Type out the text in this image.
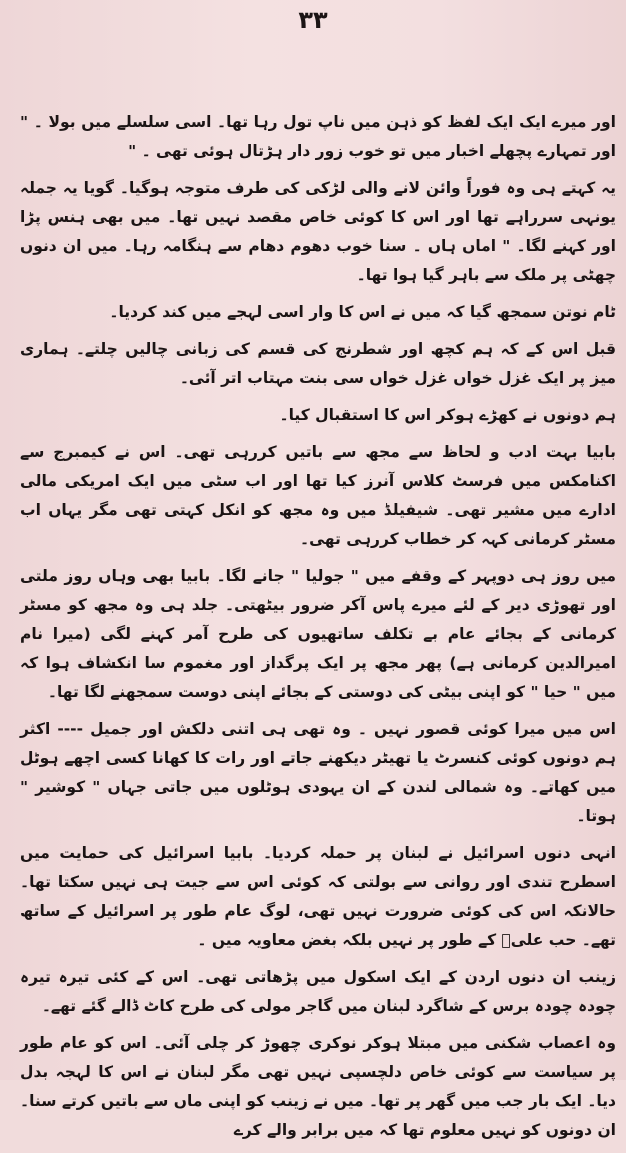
۳۳

اور میرے ایک ایک لفظ کو ذہن میں ناپ تول رہا تھا۔ اسی سلسلے میں بولا ۔ " اور تمہارے پچھلے اخبار میں تو خوب زور دار ہڑتال ہوئی تھی ۔ "

یہ کہتے ہی وہ فوراً وائن لانے والی لڑکی کی طرف متوجہ ہوگیا۔ گویا یہ جملہ یونہی سرراہے تھا اور اس کا کوئی خاص مقصد نہیں تھا۔ میں بھی ہنس پڑا اور کہنے لگا۔ " اماں ہاں ۔ سنا خوب دھوم دھام سے ہنگامہ رہا۔ میں ان دنوں چھٹی پر ملک سے باہر گیا ہوا تھا۔

ٹام نوتن سمجھ گیا کہ میں نے اس کا وار اسی لہجے میں کند کردیا۔

قبل اس کے کہ ہم کچھ اور شطرنج کی قسم کی زبانی چالیں چلتے۔ ہماری میز پر ایک غزل خواں غزل خواں سی بنت مہتاب اتر آئی۔

ہم دونوں نے کھڑے ہوکر اس کا استقبال کیا۔

بابیا بہت ادب و لحاظ سے مجھ سے باتیں کررہی تھی۔ اس نے کیمبرج سے اکنامکس میں فرسٹ کلاس آنرز کیا تھا اور اب سٹی میں ایک امریکی مالی ادارے میں مشیر تھی۔ شیفیلڈ میں وہ مجھ کو انکل کہتی تھی مگر یہاں اب مسٹر کرمانی کہہ کر خطاب کررہی تھی۔

میں روز ہی دوپہر کے وقفے میں " جولیا " جانے لگا۔ بابیا بھی وہاں روز ملتی اور تھوڑی دیر کے لئے میرے پاس آکر ضرور بیٹھتی۔ جلد ہی وہ مجھ کو مسٹر کرمانی کے بجائے عام بے تکلف ساتھیوں کی طرح آمر کہنے لگی (میرا نام امیرالدین کرمانی ہے) پھر مجھ پر ایک پرگداز اور مغموم سا انکشاف ہوا کہ میں " حیا " کو اپنی بیٹی کی دوستی کے بجائے اپنی دوست سمجھنے لگا تھا۔

اس میں میرا کوئی قصور نہیں ۔ وہ تھی ہی اتنی دلکش اور جمیل ---- اکثر ہم دونوں کوئی کنسرٹ یا تھیٹر دیکھنے جاتے اور رات کا کھانا کسی اچھے ہوٹل میں کھاتے۔ وہ شمالی لندن کے ان یہودی ہوٹلوں میں جاتی جہاں " کوشیر " ہوتا۔

انہی دنوں اسرائیل نے لبنان پر حملہ کردیا۔ بابیا اسرائیل کی حمایت میں اسطرح تندی اور روانی سے بولتی کہ کوئی اس سے جیت ہی نہیں سکتا تھا۔ حالانکہ اس کی کوئی ضرورت نہیں تھی، لوگ عام طور پر اسرائیل کے ساتھ تھے۔ حب علیؓ کے طور پر نہیں بلکہ بغض معاویہ میں ۔

زینب ان دنوں اردن کے ایک اسکول میں پڑھاتی تھی۔ اس کے کئی تیرہ تیرہ چودہ چودہ برس کے شاگرد لبنان میں گاجر مولی کی طرح کاٹ ڈالے گئے تھے۔

وہ اعصاب شکنی میں مبتلا ہوکر نوکری چھوڑ کر چلی آئی۔ اس کو عام طور پر سیاست سے کوئی خاص دلچسپی نہیں تھی مگر لبنان نے اس کا لہجہ بدل دیا۔ ایک بار جب میں گھر پر تھا۔ میں نے زینب کو اپنی ماں سے باتیں کرتے سنا۔ ان دونوں کو نہیں معلوم تھا کہ میں برابر والے کرے
